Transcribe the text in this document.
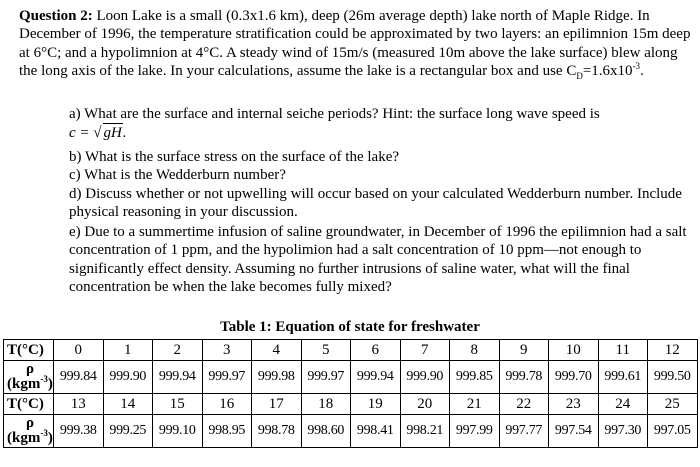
Question 2: Loon Lake is a small (0.3x1.6 km), deep (26m average depth) lake north of Maple Ridge. In December of 1996, the temperature stratification could be approximated by two layers: an epilimnion 15m deep at 6°C; and a hypolimnion at 4°C. A steady wind of 15m/s (measured 10m above the lake surface) blew along the long axis of the lake. In your calculations, assume the lake is a rectangular box and use $C_D=1.6x10^{-3}$.

a) What are the surface and internal seiche periods? Hint: the surface long wave speed is
c = √ gH.

b) What is the surface stress on the surface of the lake?

c) What is the Wedderburn number?

d) Discuss whether or not upwelling will occur based on your calculated Wedderburn number. Include physical reasoning in your discussion.

e) Due to a summertime infusion of saline groundwater, in December of 1996 the epilimnion had a salt concentration of 1 ppm, and the hypolimion had a salt concentration of 10 ppm—not enough to significantly effect density. Assuming no further intrusions of saline water, what will the final concentration be when the lake becomes fully mixed?

Table 1: Equation of state for freshwater
T(°C)	0	1	2	3	4	5	6	7	8	9	10	11	12

ρ
(kgm$^{-3}$)	999.84	999.90	999.94	999.97	999.98	999.97	999.94	999.90	999.85	999.78	999.70	999.61	999.50
T(°C)	13	14	15	16	17	18	19	20	21	22	23	24	25

ρ
(kgm$^{-3}$)	999.38	999.25	999.10	998.95	998.78	998.60	998.41	998.21	997.99	997.77	997.54	997.30	997.05
